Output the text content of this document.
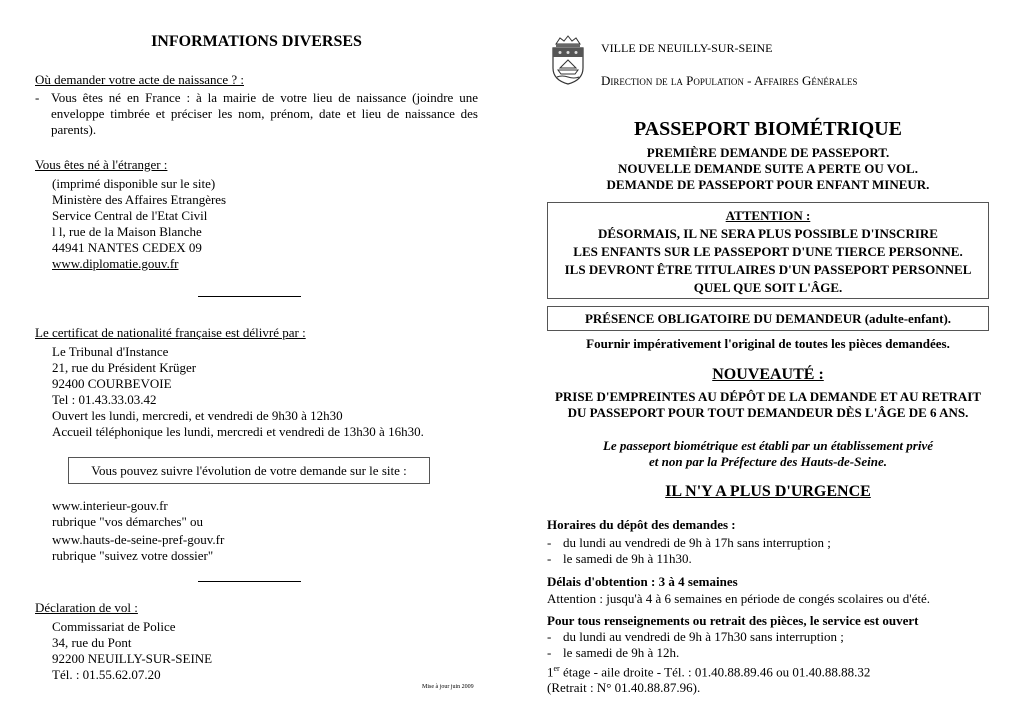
INFORMATIONS DIVERSES
Où demander votre acte de naissance ? :
- Vous êtes né en France : à la mairie de votre lieu de naissance (joindre une enveloppe timbrée et préciser les nom, prénom, date et lieu de naissance des parents).
Vous êtes né à l'étranger :
(imprimé disponible sur le site)
Ministère des Affaires Etrangères
Service Central de l'Etat Civil
l l, rue de la Maison Blanche
44941 NANTES CEDEX 09
www.diplomatie.gouv.fr
Le certificat de nationalité française est délivré par :
Le Tribunal d'Instance
21, rue du Président Krüger
92400 COURBEVOIE
Tel : 01.43.33.03.42
Ouvert les lundi, mercredi, et vendredi de 9h30 à 12h30
Accueil téléphonique les lundi, mercredi et vendredi de 13h30 à 16h30.
Vous pouvez suivre l'évolution de votre demande sur le site :
www.interieur-gouv.fr
rubrique "vos démarches" ou
www.hauts-de-seine-pref-gouv.fr
rubrique "suivez votre dossier"
Déclaration de vol :
Commissariat de Police
34, rue du Pont
92200 NEUILLY-SUR-SEINE
Tél. : 01.55.62.07.20
Mise à jour juin 2009
VILLE DE NEUILLY-SUR-SEINE
Direction de la Population - Affaires Générales
PASSEPORT BIOMÉTRIQUE
PREMIÈRE DEMANDE DE PASSEPORT.
NOUVELLE DEMANDE SUITE A PERTE OU VOL.
DEMANDE DE PASSEPORT POUR ENFANT MINEUR.
ATTENTION :
DÉSORMAIS, IL NE SERA PLUS POSSIBLE D'INSCRIRE
LES ENFANTS SUR LE PASSEPORT D'UNE TIERCE PERSONNE.
ILS DEVRONT ÊTRE TITULAIRES D'UN PASSEPORT PERSONNEL
QUEL QUE SOIT L'ÂGE.
PRÉSENCE OBLIGATOIRE DU DEMANDEUR (adulte-enfant).
Fournir impérativement l'original de toutes les pièces demandées.
NOUVEAUTÉ :
PRISE D'EMPREINTES AU DÉPÔT DE LA DEMANDE ET AU RETRAIT
DU PASSEPORT POUR TOUT DEMANDEUR DÈS L'ÂGE DE 6 ANS.
Le passeport biométrique est établi par un établissement privé
et non par la Préfecture des Hauts-de-Seine.
IL N'Y A PLUS D'URGENCE
Horaires du dépôt des demandes :
- du lundi au vendredi de 9h à 17h sans interruption ;
- le samedi de 9h à 11h30.
Délais d'obtention : 3 à 4 semaines
Attention : jusqu'à 4 à 6 semaines en période de congés scolaires ou d'été.
Pour tous renseignements ou retrait des pièces, le service est ouvert
- du lundi au vendredi de 9h à 17h30 sans interruption ;
- le samedi de 9h à 12h.
1er étage - aile droite - Tél. : 01.40.88.89.46 ou 01.40.88.88.32
(Retrait : N° 01.40.88.87.96).
